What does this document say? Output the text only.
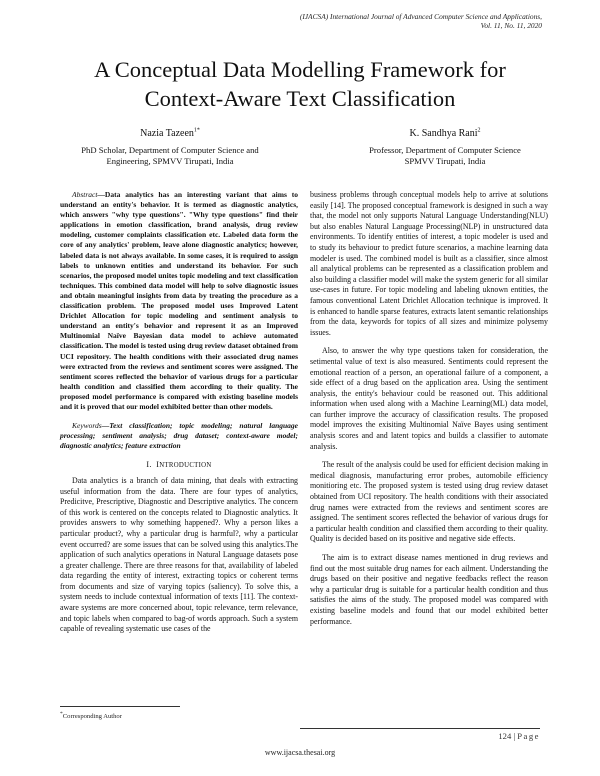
(IJACSA) International Journal of Advanced Computer Science and Applications,
Vol. 11, No. 11, 2020
A Conceptual Data Modelling Framework for
Context-Aware Text Classification
Nazia Tazeen$^{1*}$
PhD Scholar, Department of Computer Science and
Engineering, SPMVV Tirupati, India
K. Sandhya Rani$^2$
Professor, Department of Computer Science
SPMVV Tirupati, India

Abstract—Data analytics has an interesting variant that aims to understand an entity's behavior. It is termed as diagnostic analytics, which answers "why type questions". "Why type questions" find their applications in emotion classification, brand analysis, drug review modeling, customer complaints classification etc. Labeled data form the core of any analytics' problem, leave alone diagnostic analytics; however, labeled data is not always available. In some cases, it is required to assign labels to unknown entities and understand its behavior. For such scenarios, the proposed model unites topic modeling and text classification techniques. This combined data model will help to solve diagnostic issues and obtain meaningful insights from data by treating the procedure as a classification problem. The proposed model uses Improved Latent Drichlet Allocation for topic modeling and sentiment analysis to understand an entity's behavior and represent it as an Improved Multinomial Naïve Bayesian data model to achieve automated classification. The model is tested using drug review dataset obtained from UCI repository. The health conditions with their associated drug names were extracted from the reviews and sentiment scores were assigned. The sentiment scores reflected the behavior of various drugs for a particular health condition and classified them according to their quality. The proposed model performance is compared with existing baseline models and it is proved that our model exhibited better than other models.

Keywords—Text classification; topic modeling; natural language processing; sentiment analysis; drug dataset; context-aware model; diagnostic analytics; feature extraction

I. INTRODUCTION

Data analytics is a branch of data mining, that deals with extracting useful information from the data. There are four types of analytics, Predicitve, Prescriptive, Diagnostic and Descriptive analytics. The concern of this work is centered on the concepts related to Diagnostic analytics. It provides answers to why something happened?. Why a person likes a particular product?, why a particular drug is harmful?, why a particular event occurred? are some issues that can be solved using this analytics.The application of such analytics operations in Natural Language datasets pose a greater challenge. There are three reasons for that, availability of labeled data regarding the entity of interest, extracting topics or coherent terms from documents and size of varying topics (saliency). To solve this, a system needs to include contextual information of texts [11]. The context-aware systems are more concerned about, topic relevance, term relevance, and topic labels when compared to bag-of words approach. Such a system capable of revealing systematic use cases of the

business problems through conceptual models help to arrive at solutions easily [14]. The proposed conceptual framework is designed in such a way that, the model not only supports Natural Language Understanding(NLU) but also enables Natural Language Processing(NLP) in unstructured data environments. To identify entities of interest, a topic modeler is used and to study its behaviour to predict future scenarios, a machine learning data modeler is used. The combined model is built as a classifier, since almost all analytical problems can be represented as a classification problem and also building a classifier model will make the system generic for all similar use-cases in future. For topic modeling and labeling uknown entities, the famous conventional Latent Drichlet Allocation technique is improved. It is enhanced to handle sparse features, extracts latent semantic relationships from the data, keywords for topics of all sizes and minimize polysemy issues.

Also, to answer the why type questions taken for consideration, the setimental value of text is also measured. Sentiments could represent the emotional reaction of a person, an operational failure of a component, a side effect of a drug based on the application area. Using the sentiment analysis, the entity's behaviour could be reasoned out. This additional information when used along with a Machine Learning(ML) data model, can further improve the accuracy of classification results. The proposed model improves the exisiting Multinomial Naïve Bayes using sentiment analysis scores and and latent topics and builds a classifier to automate analysis.

The result of the analysis could be used for efficient decision making in medical diagnosis, manufacturing error probes, automobile efficiency monitioring etc. The proposed system is tested using drug review dataset obtained from UCI repository. The health conditions with their associated drug names were extracted from the reviews and sentiment scores are assigned. The sentiment scores reflected the behavior of various drugs for a particular health condition and classified them according to their quality. Quality is decided based on its positive and negative side effects.

The aim is to extract disease names mentioned in drug reviews and find out the most suitable drug names for each ailment. Understanding the drugs based on their positive and negative feedbacks reflect the reason why a particular drug is suitable for a particular health condition and thus satisfies the aims of the study. The proposed model was compared with existing baseline models and found that our model exhibited better performance.

*Corresponding Author
124 | Page
www.ijacsa.thesai.org
